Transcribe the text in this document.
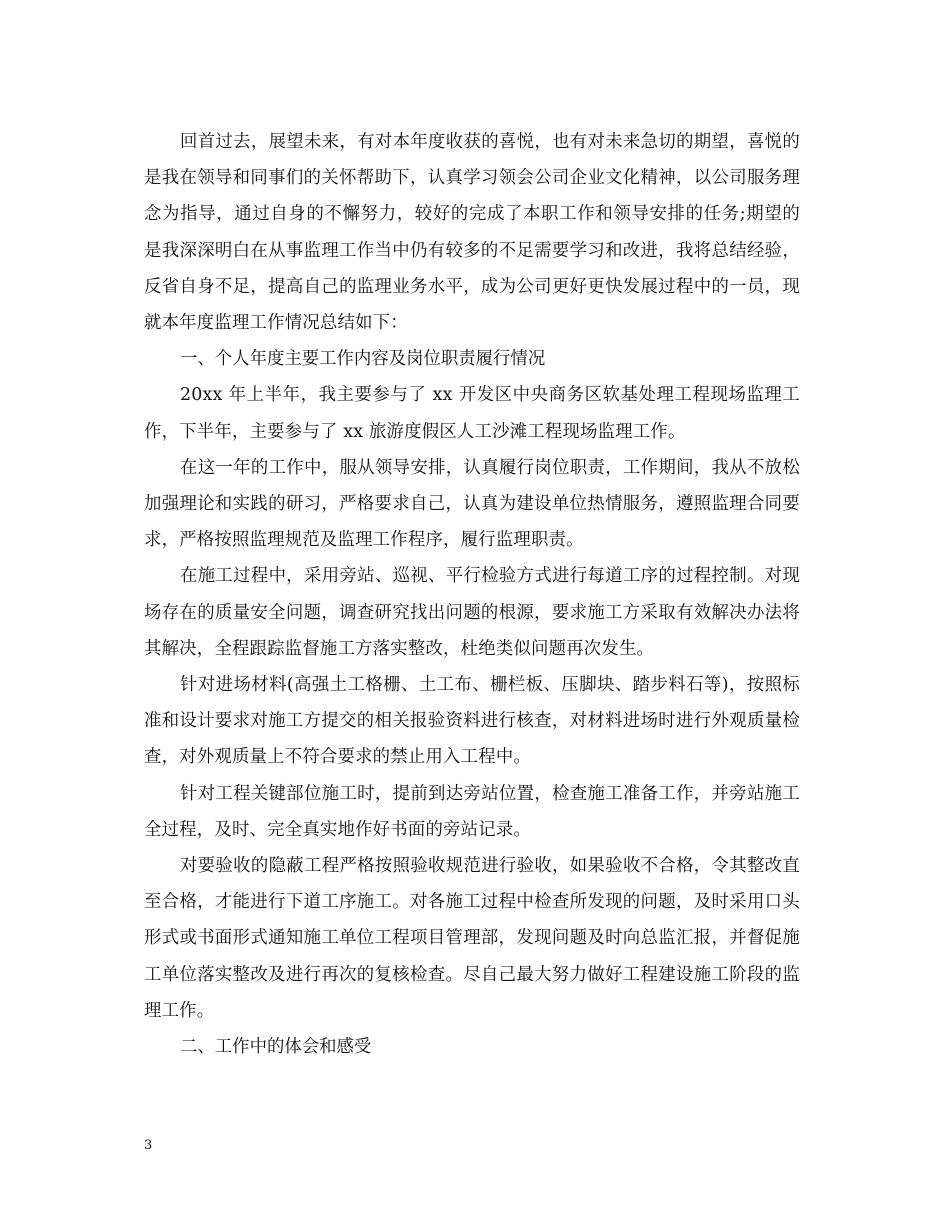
回首过去，展望未来，有对本年度收获的喜悦，也有对未来急切的期望，喜悦的是我在领导和同事们的关怀帮助下，认真学习领会公司企业文化精神，以公司服务理念为指导，通过自身的不懈努力，较好的完成了本职工作和领导安排的任务;期望的是我深深明白在从事监理工作当中仍有较多的不足需要学习和改进，我将总结经验，反省自身不足，提高自己的监理业务水平，成为公司更好更快发展过程中的一员，现就本年度监理工作情况总结如下：

一、个人年度主要工作内容及岗位职责履行情况

20xx 年上半年，我主要参与了 xx 开发区中央商务区软基处理工程现场监理工作，下半年，主要参与了 xx 旅游度假区人工沙滩工程现场监理工作。

在这一年的工作中，服从领导安排，认真履行岗位职责，工作期间，我从不放松加强理论和实践的研习，严格要求自己，认真为建设单位热情服务，遵照监理合同要求，严格按照监理规范及监理工作程序，履行监理职责。

在施工过程中，采用旁站、巡视、平行检验方式进行每道工序的过程控制。对现场存在的质量安全问题，调查研究找出问题的根源，要求施工方采取有效解决办法将其解决，全程跟踪监督施工方落实整改，杜绝类似问题再次发生。

针对进场材料(高强土工格栅、土工布、栅栏板、压脚块、踏步料石等)，按照标准和设计要求对施工方提交的相关报验资料进行核查，对材料进场时进行外观质量检查，对外观质量上不符合要求的禁止用入工程中。

针对工程关键部位施工时，提前到达旁站位置，检查施工准备工作，并旁站施工全过程，及时、完全真实地作好书面的旁站记录。

对要验收的隐蔽工程严格按照验收规范进行验收，如果验收不合格，令其整改直至合格，才能进行下道工序施工。对各施工过程中检查所发现的问题，及时采用口头形式或书面形式通知施工单位工程项目管理部，发现问题及时向总监汇报，并督促施工单位落实整改及进行再次的复核检查。尽自己最大努力做好工程建设施工阶段的监理工作。

二、工作中的体会和感受

3
